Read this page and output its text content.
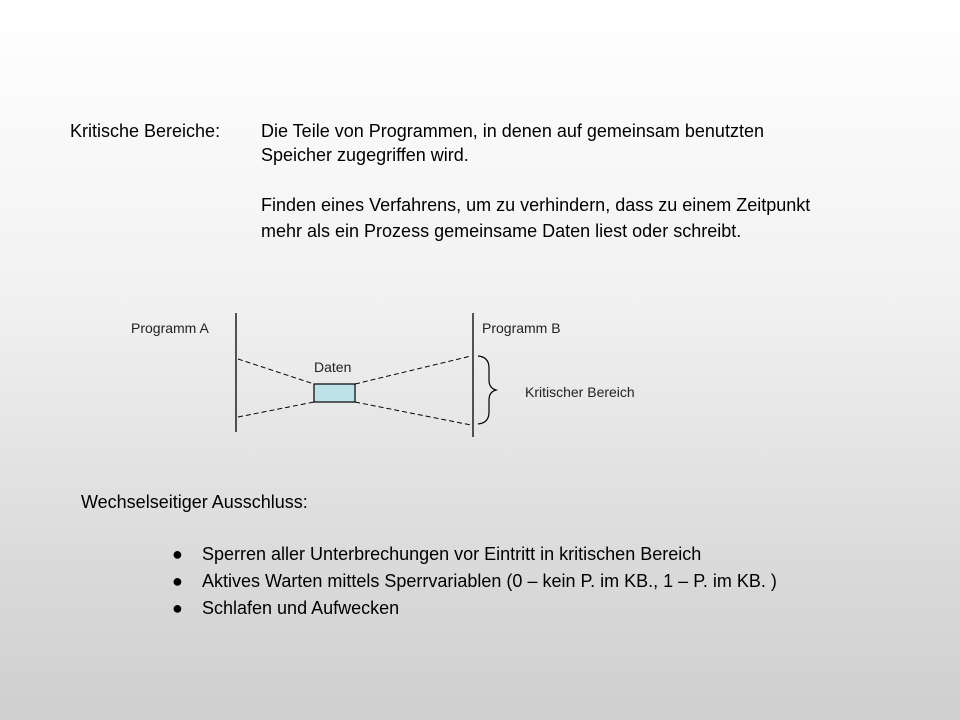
Kritische Bereiche: Die Teile von Programmen, in denen auf gemeinsam benutzten
Speicher zugegriffen wird.
Finden eines Verfahrens, um zu verhindern, dass zu einem Zeitpunkt
mehr als ein Prozess gemeinsame Daten liest oder schreibt.
Programm A	Programm B
Daten
Kritischer Bereich
Wechselseitiger Ausschluss:
● Sperren aller Unterbrechungen vor Eintritt in kritischen Bereich
● Aktives Warten mittels Sperrvariablen (0 – kein P. im KB., 1 – P. im KB. )
● Schlafen und Aufwecken
